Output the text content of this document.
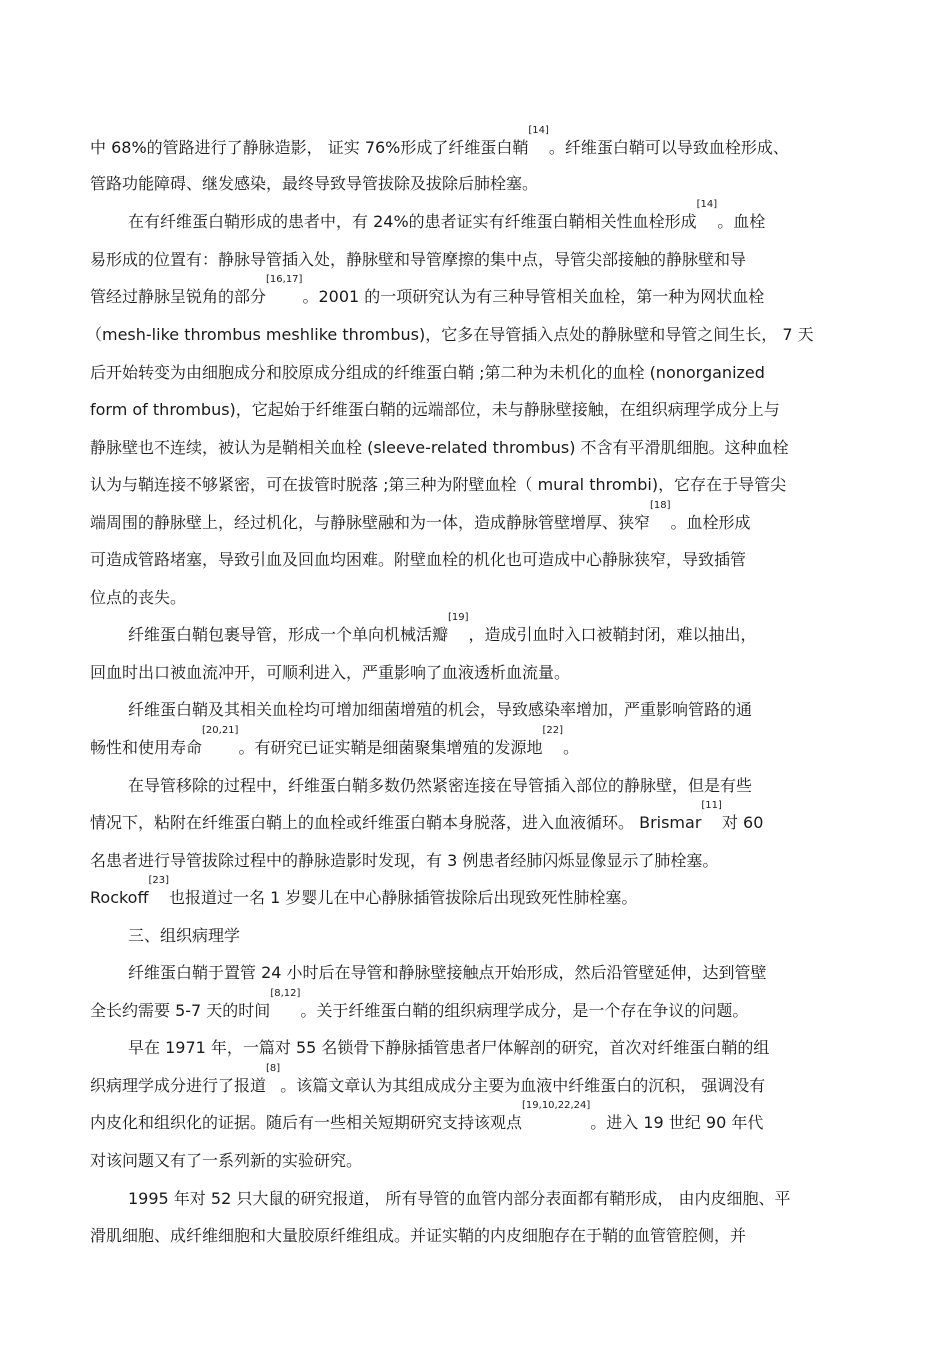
中 68%的管路进行了静脉造影， 证实 76%形成了纤维蛋白鞘[14]。纤维蛋白鞘可以导致血栓形成、
管路功能障碍、继发感染，最终导致导管拔除及拔除后肺栓塞。
在有纤维蛋白鞘形成的患者中，有 24%的患者证实有纤维蛋白鞘相关性血栓形成[14]。血栓
易形成的位置有：静脉导管插入处，静脉壁和导管摩擦的集中点，导管尖部接触的静脉壁和导
管经过静脉呈锐角的部分[16,17]。2001 的一项研究认为有三种导管相关血栓，第一种为网状血栓
（mesh-like thrombus meshlike thrombus)，它多在导管插入点处的静脉壁和导管之间生长， 7 天
后开始转变为由细胞成分和胶原成分组成的纤维蛋白鞘 ;第二种为未机化的血栓 (nonorganized
form of thrombus)，它起始于纤维蛋白鞘的远端部位，未与静脉壁接触，在组织病理学成分上与
静脉壁也不连续，被认为是鞘相关血栓 (sleeve-related thrombus) 不含有平滑肌细胞。这种血栓
认为与鞘连接不够紧密，可在拔管时脱落 ;第三种为附壁血栓（ mural thrombi)，它存在于导管尖
端周围的静脉壁上，经过机化，与静脉壁融和为一体，造成静脉管壁增厚、狭窄[18]。血栓形成
可造成管路堵塞，导致引血及回血均困难。附壁血栓的机化也可造成中心静脉狭窄，导致插管
位点的丧失。
纤维蛋白鞘包裹导管，形成一个单向机械活瓣[19]，造成引血时入口被鞘封闭，难以抽出，
回血时出口被血流冲开，可顺利进入，严重影响了血液透析血流量。
纤维蛋白鞘及其相关血栓均可增加细菌增殖的机会，导致感染率增加，严重影响管路的通
畅性和使用寿命[20,21]。有研究已证实鞘是细菌聚集增殖的发源地[22]。
在导管移除的过程中，纤维蛋白鞘多数仍然紧密连接在导管插入部位的静脉壁，但是有些
情况下，粘附在纤维蛋白鞘上的血栓或纤维蛋白鞘本身脱落，进入血液循环。 Brismar[11]对 60
名患者进行导管拔除过程中的静脉造影时发现，有 3 例患者经肺闪烁显像显示了肺栓塞。
Rockoff[23]也报道过一名 1 岁婴儿在中心静脉插管拔除后出现致死性肺栓塞。
三、组织病理学
纤维蛋白鞘于置管 24 小时后在导管和静脉壁接触点开始形成，然后沿管壁延伸，达到管壁
全长约需要 5-7 天的时间[8,12]。关于纤维蛋白鞘的组织病理学成分，是一个存在争议的问题。
早在 1971 年，一篇对 55 名锁骨下静脉插管患者尸体解剖的研究，首次对纤维蛋白鞘的组
织病理学成分进行了报道[8]。该篇文章认为其组成成分主要为血液中纤维蛋白的沉积， 强调没有
内皮化和组织化的证据。随后有一些相关短期研究支持该观点[19,10,22,24]。进入 19 世纪 90 年代
对该问题又有了一系列新的实验研究。
1995 年对 52 只大鼠的研究报道， 所有导管的血管内部分表面都有鞘形成， 由内皮细胞、平
滑肌细胞、成纤维细胞和大量胶原纤维组成。并证实鞘的内皮细胞存在于鞘的血管管腔侧，并
